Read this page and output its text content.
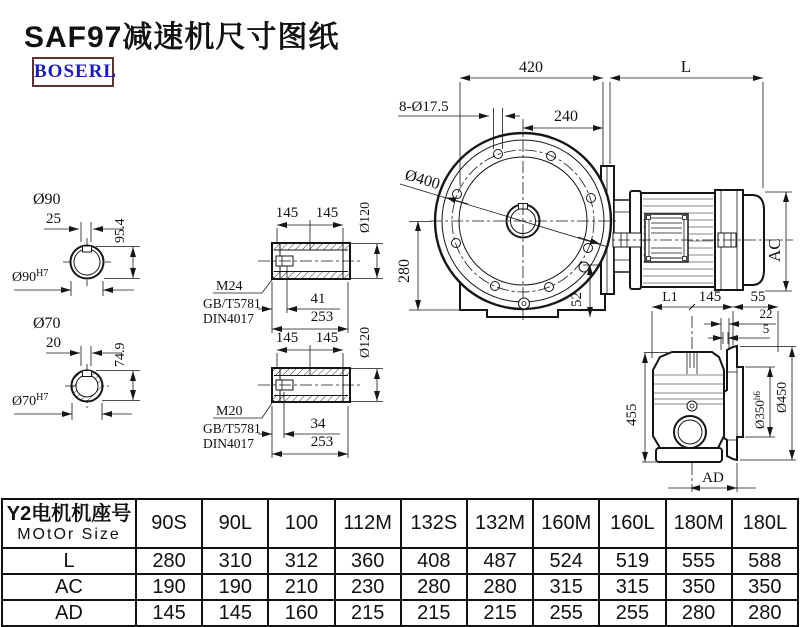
SAF97减速机尺寸图纸
BOSERL
Ø90
25	95.4
$Ø90^{H7}$
Ø70
20	74.9
$Ø70^{H7}$
145 145 Ø120
M24
GB/T5781
DIN4017
41
253
145 145 Ø120
M20
GB/T5781
DIN4017
34
253
Ø400
8-Ø17.5
420	L
240
280
52
AC
L1 145 55
22
5
455	$Ø350^{h6}$ Ø450
AD
Y2电机机座号
MOtOr Size	90S	90L	100	112M	132S	132M	160M	160L	180M	180L
L	280	310	312	360	408	487	524	519	555	588
AC	190	190	210	230	280	280	315	315	350	350
AD	145	145	160	215	215	215	255	255	280	280
